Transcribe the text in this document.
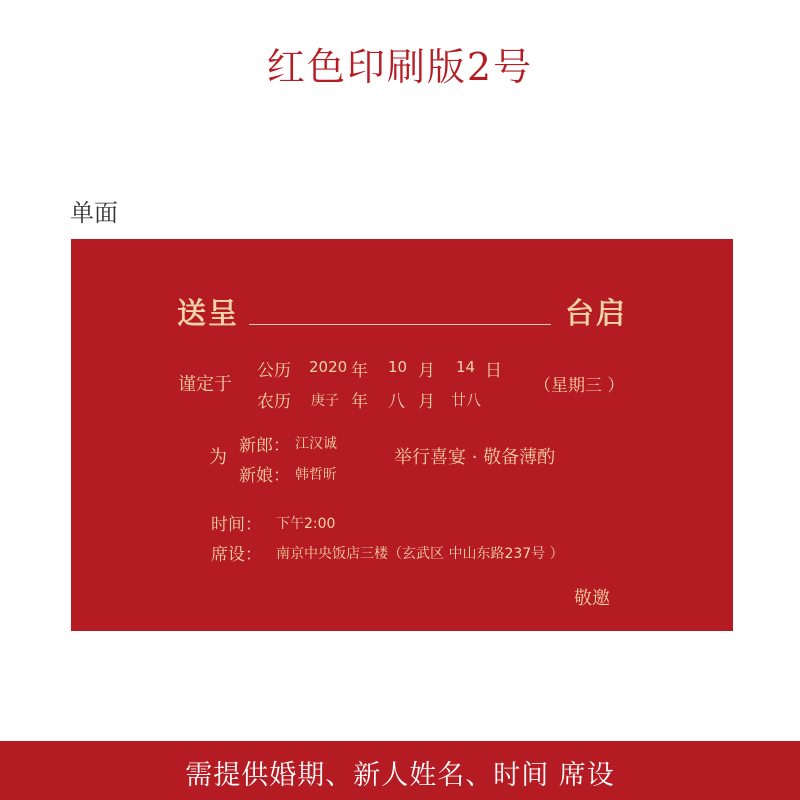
红色印刷版2号
单面
送呈	台启
谨定于
公历 2020 年 10 月 14 日
农历 庚子 年 八 月 廿八
（星期三 ）
为
新郎： 江汉诚
新娘： 韩哲昕
举行喜宴 · 敬备薄酌
时间： 下午2:00
席设： 南京中央饭店三楼（玄武区 中山东路237号 ）
敬邀
需提供婚期、新人姓名、时间 席设
